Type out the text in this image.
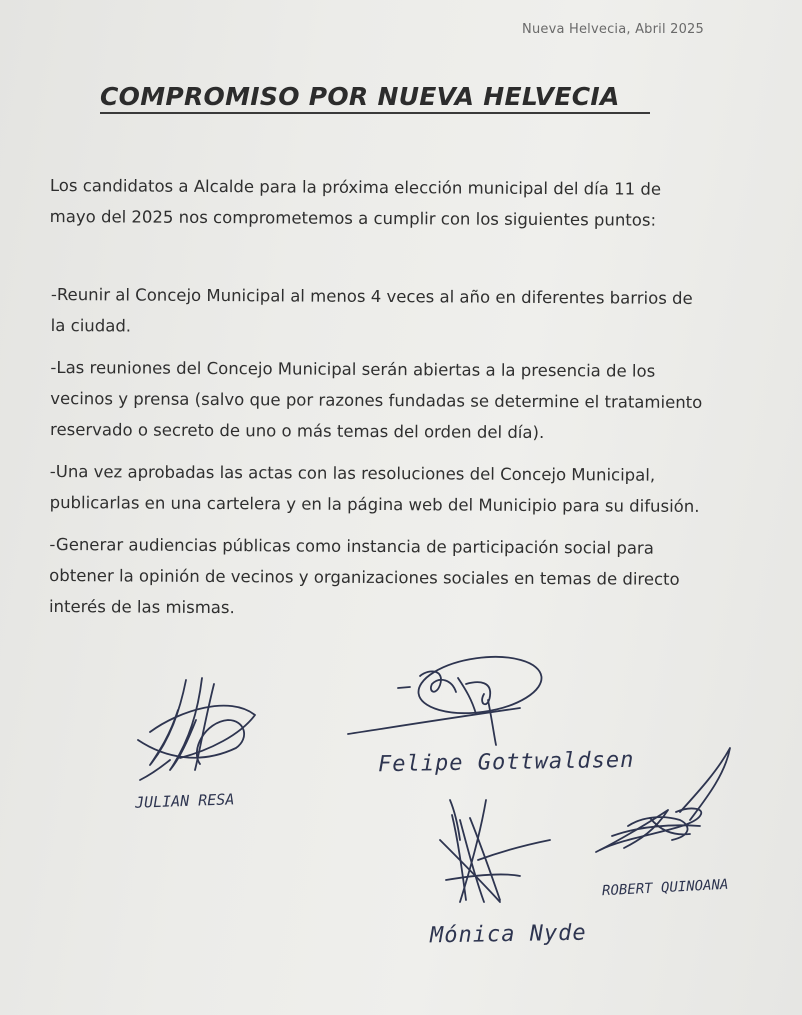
Nueva Helvecia, Abril 2025
COMPROMISO POR NUEVA HELVECIA
Los candidatos a Alcalde para la próxima elección municipal del día 11 de mayo del 2025 nos comprometemos a cumplir con los siguientes puntos:

-Reunir al Concejo Municipal al menos 4 veces al año en diferentes barrios de la ciudad.

-Las reuniones del Concejo Municipal serán abiertas a la presencia de los vecinos y prensa (salvo que por razones fundadas se determine el tratamiento reservado o secreto de uno o más temas del orden del día).

-Una vez aprobadas las actas con las resoluciones del Concejo Municipal, publicarlas en una cartelera y en la página web del Municipio para su difusión.

-Generar audiencias públicas como instancia de participación social para obtener la opinión de vecinos y organizaciones sociales en temas de directo interés de las mismas.

JULIAN RESA
Felipe Gottwaldsen
ROBERT QUINOANA
Mónica Nyde
